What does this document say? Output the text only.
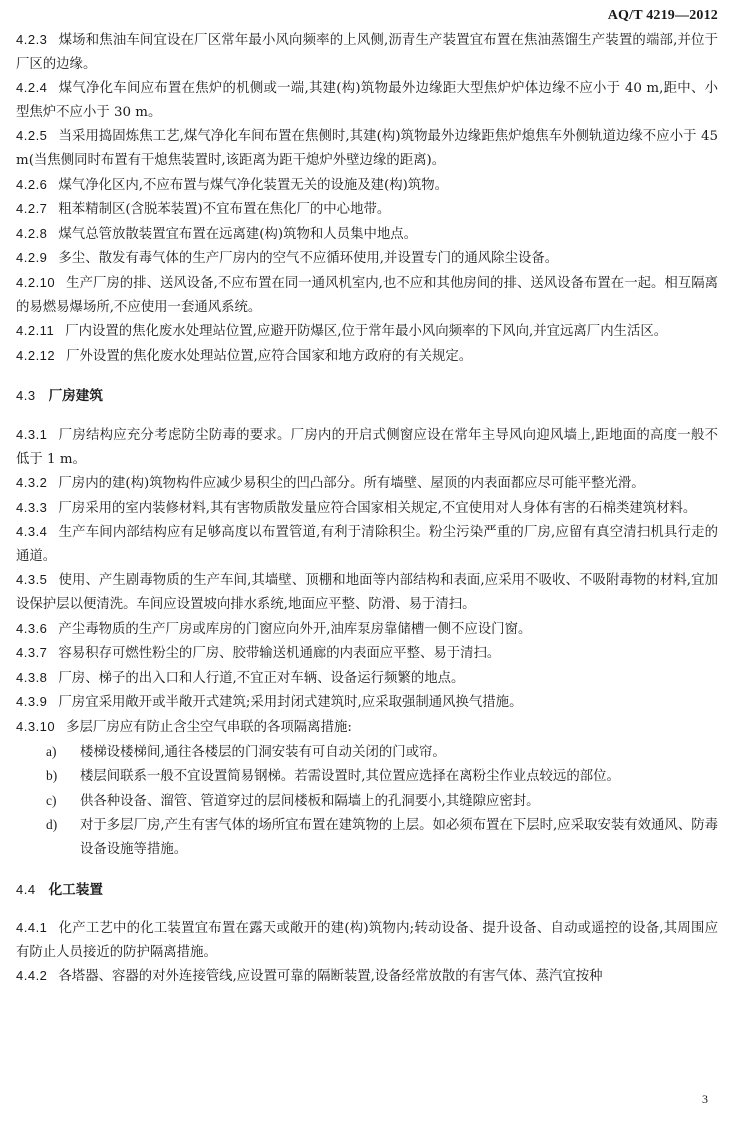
AQ/T 4219—2012

4.2.3 煤场和焦油车间宜设在厂区常年最小风向频率的上风侧,沥青生产装置宜布置在焦油蒸馏生产装置的端部,并位于厂区的边缘。

4.2.4 煤气净化车间应布置在焦炉的机侧或一端,其建(构)筑物最外边缘距大型焦炉炉体边缘不应小于 40 m,距中、小型焦炉不应小于 30 m。

4.2.5 当采用捣固炼焦工艺,煤气净化车间布置在焦侧时,其建(构)筑物最外边缘距焦炉熄焦车外侧轨道边缘不应小于 45 m(当焦侧同时布置有干熄焦装置时,该距离为距干熄炉外壁边缘的距离)。

4.2.6 煤气净化区内,不应布置与煤气净化装置无关的设施及建(构)筑物。

4.2.7 粗苯精制区(含脱苯装置)不宜布置在焦化厂的中心地带。

4.2.8 煤气总管放散装置宜布置在远离建(构)筑物和人员集中地点。

4.2.9 多尘、散发有毒气体的生产厂房内的空气不应循环使用,并设置专门的通风除尘设备。

4.2.10 生产厂房的排、送风设备,不应布置在同一通风机室内,也不应和其他房间的排、送风设备布置在一起。相互隔离的易燃易爆场所,不应使用一套通风系统。

4.2.11 厂内设置的焦化废水处理站位置,应避开防爆区,位于常年最小风向频率的下风向,并宜远离厂内生活区。

4.2.12 厂外设置的焦化废水处理站位置,应符合国家和地方政府的有关规定。

4.3 厂房建筑

4.3.1 厂房结构应充分考虑防尘防毒的要求。厂房内的开启式侧窗应设在常年主导风向迎风墙上,距地面的高度一般不低于 1 m。

4.3.2 厂房内的建(构)筑物构件应减少易积尘的凹凸部分。所有墙壁、屋顶的内表面都应尽可能平整光滑。

4.3.3 厂房采用的室内装修材料,其有害物质散发量应符合国家相关规定,不宜使用对人身体有害的石棉类建筑材料。

4.3.4 生产车间内部结构应有足够高度以布置管道,有利于清除积尘。粉尘污染严重的厂房,应留有真空清扫机具行走的通道。

4.3.5 使用、产生剧毒物质的生产车间,其墙壁、顶棚和地面等内部结构和表面,应采用不吸收、不吸附毒物的材料,宜加设保护层以便清洗。车间应设置坡向排水系统,地面应平整、防滑、易于清扫。

4.3.6 产尘毒物质的生产厂房或库房的门窗应向外开,油库泵房靠储槽一侧不应设门窗。

4.3.7 容易积存可燃性粉尘的厂房、胶带输送机通廊的内表面应平整、易于清扫。

4.3.8 厂房、梯子的出入口和人行道,不宜正对车辆、设备运行频繁的地点。

4.3.9 厂房宜采用敞开或半敞开式建筑;采用封闭式建筑时,应采取强制通风换气措施。

4.3.10 多层厂房应有防止含尘空气串联的各项隔离措施:

a) 楼梯设楼梯间,通往各楼层的门洞安装有可自动关闭的门或帘。

b) 楼层间联系一般不宜设置简易钢梯。若需设置时,其位置应选择在离粉尘作业点较远的部位。

c) 供各种设备、溜管、管道穿过的层间楼板和隔墙上的孔洞要小,其缝隙应密封。

d) 对于多层厂房,产生有害气体的场所宜布置在建筑物的上层。如必须布置在下层时,应采取安装有效通风、防毒设备设施等措施。

4.4 化工装置

4.4.1 化产工艺中的化工装置宜布置在露天或敞开的建(构)筑物内;转动设备、提升设备、自动或遥控的设备,其周围应有防止人员接近的防护隔离措施。

4.4.2 各塔器、容器的对外连接管线,应设置可靠的隔断装置,设备经常放散的有害气体、蒸汽宜按种

3
